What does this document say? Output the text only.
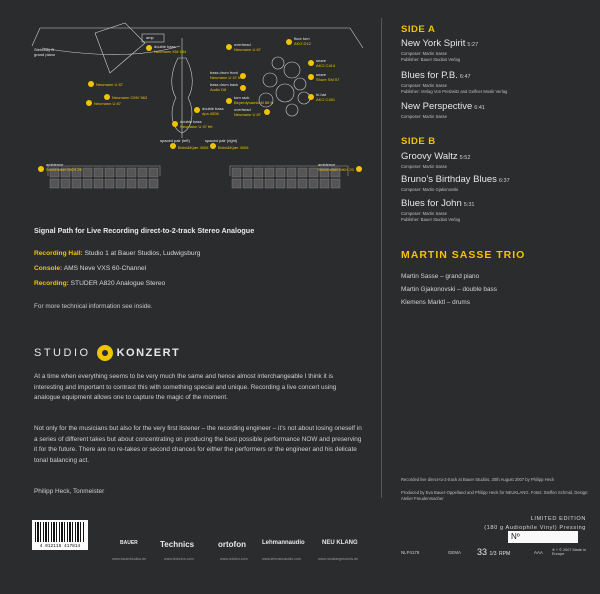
Steinway B grand piano
amp
double bass
Neumann KM 184
Neumann U 87
Neumann CMV 563
Neumann U 87
double bass
dpa 4006
double bass
Neumann U 47 fet
overhead
Neumann U 67
floor tom
AKG D12
snare
AKG C414
snare
Shure SM 57
hi-hat
AKG C451
bass drum front
Neumann U 47 fet
bass drum back
Audix D6
tom rack
Beyerdynamic M 88 N
overhead
Neumann U 87
spaced pair (left)
Brüel&Kjær 4006
spaced pair (right)
Brüel&Kjær 4006
ambience
Sennheiser MKH 20
ambience
Sennheiser MKH 20
Signal Path for Live Recording direct-to-2-track Stereo Analogue
Recording Hall: Studio 1 at Bauer Studios, Ludwigsburg
Console: AMS Neve VXS 60-Channel
Recording: STUDER A820 Analogue Stereo
For more technical information see inside.
STUDIO KONZERT

At a time when everything seems to be very much the same and hence almost interchangeable I think it is interesting and important to contrast this with something special and unique. Recording a live concert using analogue equipment allows one to capture the magic of the moment.

Not only for the musicians but also for the very first listener – the recording engineer – it’s not about losing oneself in a series of different takes but about concentrating on producing the best possible performance NOW and preserving it for the future. There are no re-takes or second chances for either the performers or the engineer and his delicate tonal balancing act.

Philipp Heck, Tonmeister
SIDE A
New York Spirit 5:27
Composer: Martin Sasse
Publisher: Bauer Studios Verlag
Blues for P.B. 6:47
Composer: Martin Sasse
Publisher: Verlag Von Pretzwitz and Gelfner Musik Verlag
New Perspective 6:41
Composer: Martin Sasse
SIDE B
Groovy Waltz 5:52
Composer: Martin Sasse
Bruno’s Birthday Blues 6:37
Composer: Martin Gjakonovski
Blues for John 5:31
Composer: Martin Sasse
Publisher: Bauer Studios Verlag
MARTIN SASSE TRIO
Martin Sasse – grand piano
Martin Gjakonovski – double bass
Klemens Marktl – drums
Recorded live direct-to-2-track at Bauer Studios, 30th August 2007 by Philipp Heck
Produced by Eva Bauer-Oppelland and Philipp Heck for NEUKLANG. Fotos: Steffen Schmid, Design: Atelier Freudenmacher
LIMITED EDITION
(180 g Audiophile Vinyl) Pressing
Nº
4 012116 417814
BAUER
www.bauerstudios.de
Technics
www.technics.com
ortofon
www.ortofon.com
Lehmannaudio
www.lehmannaudio.com
NEU KLANG
www.neuklangrecords.de
NLP4178	GEMA 33 1/3 RPM	AAA ℗ + © 2007 Made in Europe
